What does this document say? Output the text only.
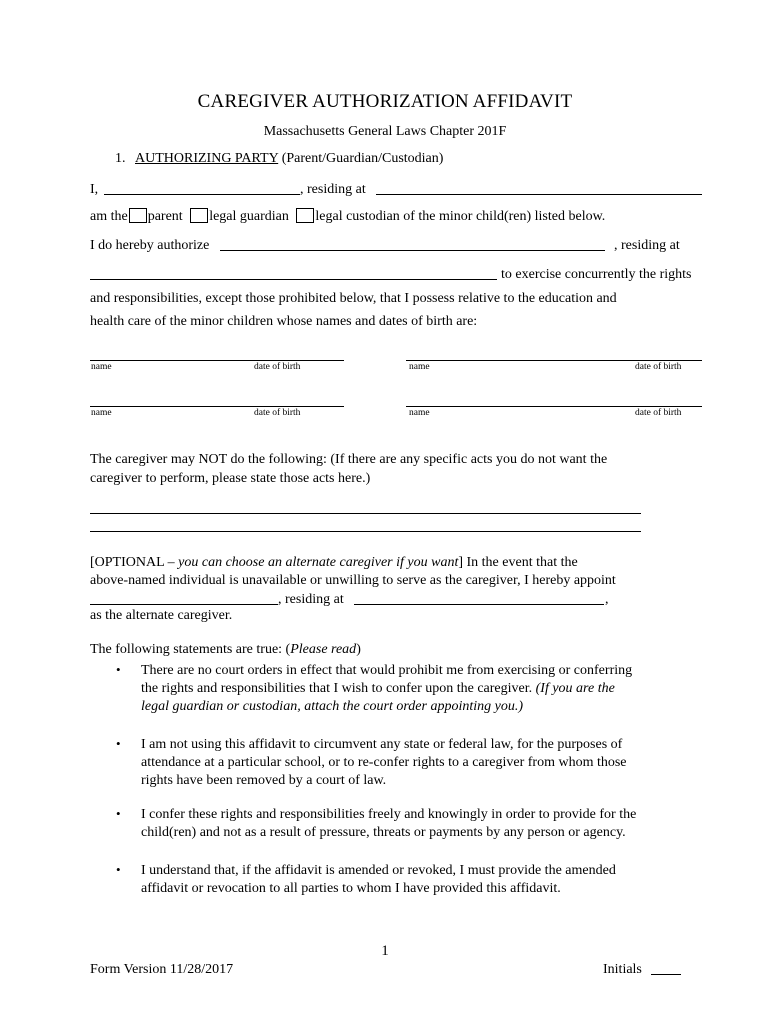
CAREGIVER AUTHORIZATION AFFIDAVIT
Massachusetts General Laws Chapter 201F
1. AUTHORIZING PARTY (Parent/Guardian/Custodian)
I,	, residing at
am the parent legal guardian legal custodian of the minor child(ren) listed below.
I do hereby authorize	, residing at
to exercise concurrently the rights
and responsibilities, except those prohibited below, that I possess relative to the education and
health care of the minor children whose names and dates of birth are:
name	date of birth	name	date of birth
name	date of birth	name	date of birth
The caregiver may NOT do the following: (If there are any specific acts you do not want the
caregiver to perform, please state those acts here.)
[OPTIONAL – you can choose an alternate caregiver if you want] In the event that the
above-named individual is unavailable or unwilling to serve as the caregiver, I hereby appoint
, residing at	,
as the alternate caregiver.
The following statements are true: (Please read)
• There are no court orders in effect that would prohibit me from exercising or conferring
the rights and responsibilities that I wish to confer upon the caregiver. (If you are the
legal guardian or custodian, attach the court order appointing you.)
• I am not using this affidavit to circumvent any state or federal law, for the purposes of
attendance at a particular school, or to re-confer rights to a caregiver from whom those
rights have been removed by a court of law.
• I confer these rights and responsibilities freely and knowingly in order to provide for the
child(ren) and not as a result of pressure, threats or payments by any person or agency.
• I understand that, if the affidavit is amended or revoked, I must provide the amended
affidavit or revocation to all parties to whom I have provided this affidavit.
1
Form Version 11/28/2017	Initials
